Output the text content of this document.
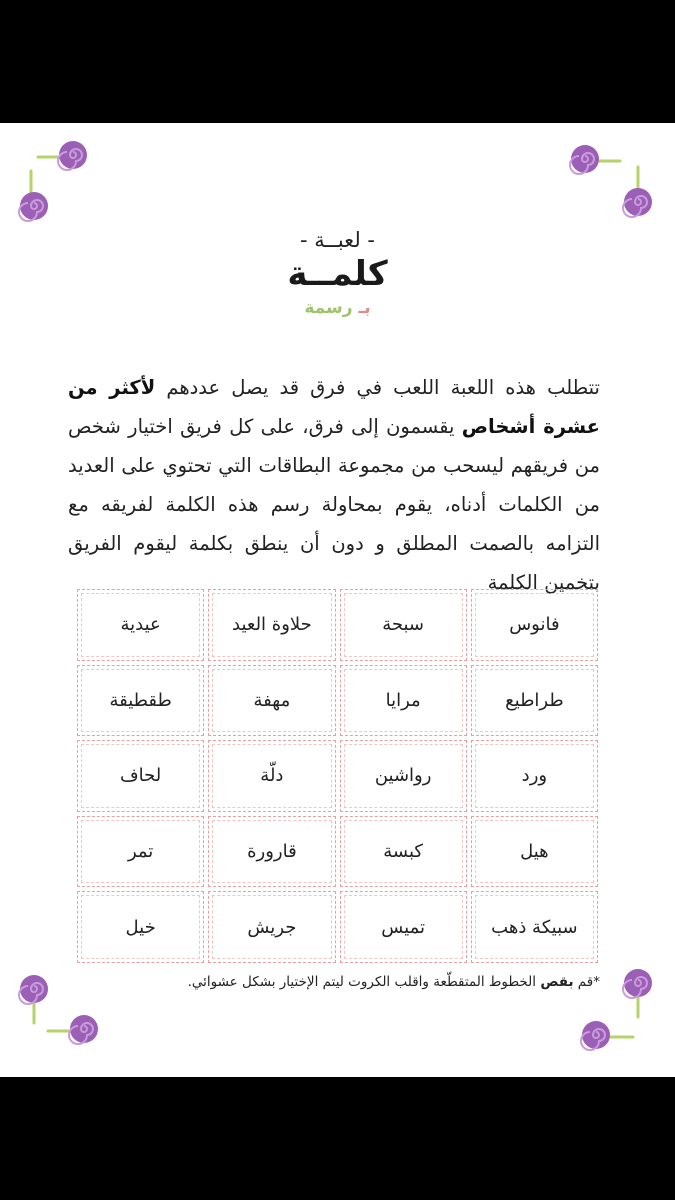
- لعبــة -
كلمــة
بـ رسمة
تتطلب هذه اللعبة اللعب في فرق قد يصل عددهم لأكثر من عشرة أشخاص يقسمون إلى فرق، على كل فريق اختيار شخص من فريقهم ليسحب من مجموعة البطاقات التي تحتوي على العديد من الكلمات أدناه، يقوم بمحاولة رسم هذه الكلمة لفريقه مع التزامه بالصمت المطلق و دون أن ينطق بكلمة ليقوم الفريق بتخمين الكلمة
عيدية	حلاوة العيد	سبحة	فانوس
طقطيقة	مهفة	مرايا	طراطيع
لحاف	دلّة	رواشين	ورد
تمر	قارورة	كبسة	هيل
خيل	جريش	تميس	سبيكة ذهب
*قم بقص الخطوط المتقطّعة واقلب الكروت ليتم الإختيار بشكل عشوائي.
